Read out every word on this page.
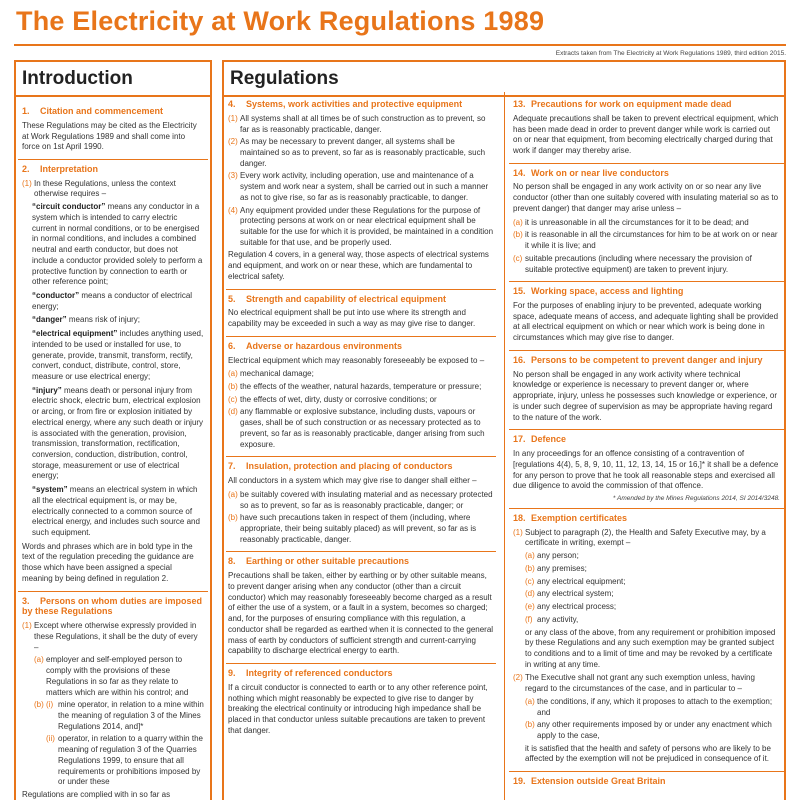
The Electricity at Work Regulations 1989
Extracts taken from The Electricity at Work Regulations 1989, third edition 2015.
Introduction
1. Citation and commencement
These Regulations may be cited as the Electricity at Work Regulations 1989 and shall come into force on 1st April 1990.
2. Interpretation
(1) In these Regulations, unless the context otherwise requires –
“circuit conductor” means any conductor in a system which is intended to carry electric current in normal conditions, or to be energised in normal conditions, and includes a combined neutral and earth conductor, but does not include a conductor provided solely to perform a protective function by connection to earth or other reference point;
“conductor” means a conductor of electrical energy;
“danger” means risk of injury;
“electrical equipment” includes anything used, intended to be used or installed for use, to generate, provide, transmit, transform, rectify, convert, conduct, distribute, control, store, measure or use electrical energy;
“injury” means death or personal injury from electric shock, electric burn, electrical explosion or arcing, or from fire or explosion initiated by electrical energy, where any such death or injury is associated with the generation, provision, transmission, transformation, rectification, conversion, conduction, distribution, control, storage, measurement or use of electrical energy;
“system” means an electrical system in which all the electrical equipment is, or may be, electrically connected to a common source of electrical energy, and includes such source and such equipment.
Words and phrases which are in bold type in the text of the regulation preceding the guidance are those which have been assigned a special meaning by being defined in regulation 2.
3. Persons on whom duties are imposed by these Regulations
(1) Except where otherwise expressly provided in these Regulations, it shall be the duty of every –
(a) employer and self-employed person to comply with the provisions of these Regulations in so far as they relate to matters which are within his control; and
(b) (i) mine operator, in relation to a mine within the meaning of regulation 3 of the Mines Regulations 2014, and]*
(ii) operator, in relation to a quarry within the meaning of regulation 3 of the Quarries Regulations 1999, to ensure that all requirements or prohibitions imposed by or under these
Regulations are complied with in so far as
Regulations
4. Systems, work activities and protective equipment
(1) All systems shall at all times be of such construction as to prevent, so far as is reasonably practicable, danger.
(2) As may be necessary to prevent danger, all systems shall be maintained so as to prevent, so far as is reasonably practicable, such danger.
(3) Every work activity, including operation, use and maintenance of a system and work near a system, shall be carried out in such a manner as not to give rise, so far as is reasonably practicable, to danger.
(4) Any equipment provided under these Regulations for the purpose of protecting persons at work on or near electrical equipment shall be suitable for the use for which it is provided, be maintained in a condition suitable for that use, and be properly used.
Regulation 4 covers, in a general way, those aspects of electrical systems and equipment, and work on or near these, which are fundamental to electrical safety.
5. Strength and capability of electrical equipment
No electrical equipment shall be put into use where its strength and capability may be exceeded in such a way as may give rise to danger.
6. Adverse or hazardous environments
Electrical equipment which may reasonably foreseeably be exposed to –
(a) mechanical damage;
(b) the effects of the weather, natural hazards, temperature or pressure;
(c) the effects of wet, dirty, dusty or corrosive conditions; or
(d) any flammable or explosive substance, including dusts, vapours or gases, shall be of such construction or as necessary protected as to prevent, so far as is reasonably practicable, danger arising from such exposure.
7. Insulation, protection and placing of conductors
All conductors in a system which may give rise to danger shall either –
(a) be suitably covered with insulating material and as necessary protected so as to prevent, so far as is reasonably practicable, danger; or
(b) have such precautions taken in respect of them (including, where appropriate, their being suitably placed) as will prevent, so far as is reasonably practicable, danger.
8. Earthing or other suitable precautions
Precautions shall be taken, either by earthing or by other suitable means, to prevent danger arising when any conductor (other than a circuit conductor) which may reasonably foreseeably become charged as a result of either the use of a system, or a fault in a system, becomes so charged; and, for the purposes of ensuring compliance with this regulation, a conductor shall be regarded as earthed when it is connected to the general mass of earth by conductors of sufficient strength and current-carrying capability to discharge electrical energy to earth.
9. Integrity of referenced conductors
If a circuit conductor is connected to earth or to any other reference point, nothing which might reasonably be expected to give rise to danger by breaking the electrical continuity or introducing high impedance shall be placed in that conductor unless suitable precautions are taken to prevent that danger.
13. Precautions for work on equipment made dead
Adequate precautions shall be taken to prevent electrical equipment, which has been made dead in order to prevent danger while work is carried out on or near that equipment, from becoming electrically charged during that work if danger may thereby arise.
14. Work on or near live conductors
No person shall be engaged in any work activity on or so near any live conductor (other than one suitably covered with insulating material so as to prevent danger) that danger may arise unless –
(a) it is unreasonable in all the circumstances for it to be dead; and
(b) it is reasonable in all the circumstances for him to be at work on or near it while it is live; and
(c) suitable precautions (including where necessary the provision of suitable protective equipment) are taken to prevent injury.
15. Working space, access and lighting
For the purposes of enabling injury to be prevented, adequate working space, adequate means of access, and adequate lighting shall be provided at all electrical equipment on which or near which work is being done in circumstances which may give rise to danger.
16. Persons to be competent to prevent danger and injury
No person shall be engaged in any work activity where technical knowledge or experience is necessary to prevent danger or, where appropriate, injury, unless he possesses such knowledge or experience, or is under such degree of supervision as may be appropriate having regard to the nature of the work.
17. Defence
In any proceedings for an offence consisting of a contravention of [regulations 4(4), 5, 8, 9, 10, 11, 12, 13, 14, 15 or 16,]* it shall be a defence for any person to prove that he took all reasonable steps and exercised all due diligence to avoid the commission of that offence.
* Amended by the Mines Regulations 2014, SI 2014/3248.
18. Exemption certificates
(1) Subject to paragraph (2), the Health and Safety Executive may, by a certificate in writing, exempt –
(a) any person;
(b) any premises;
(c) any electrical equipment;
(d) any electrical system;
(e) any electrical process;
(f) any activity,
or any class of the above, from any requirement or prohibition imposed by these Regulations and any such exemption may be granted subject to conditions and to a limit of time and may be revoked by a certificate in writing at any time.
(2) The Executive shall not grant any such exemption unless, having regard to the circumstances of the case, and in particular to –
(a) the conditions, if any, which it proposes to attach to the exemption; and
(b) any other requirements imposed by or under any enactment which apply to the case,
it is satisfied that the health and safety of persons who are likely to be affected by the exemption will not be prejudiced in consequence of it.
19. Extension outside Great Britain
